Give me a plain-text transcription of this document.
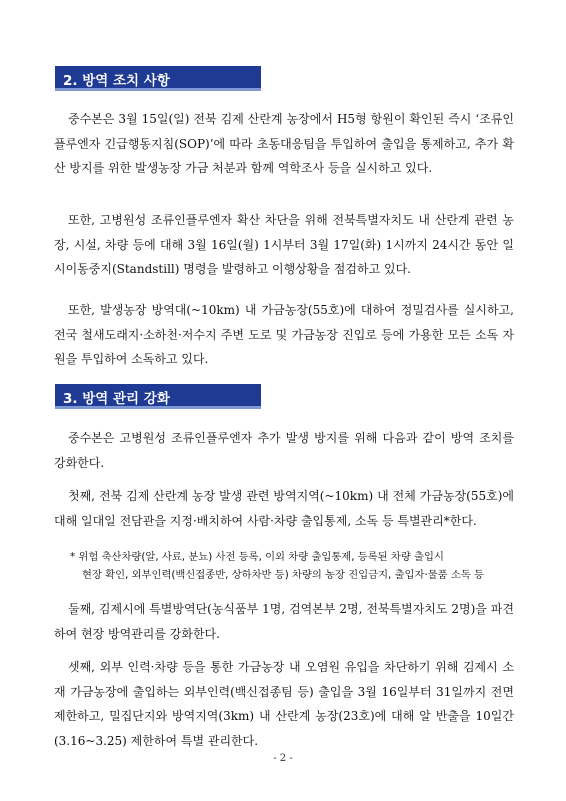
2. 방역 조치 사항

중수본은 3월 15일(일) 전북 김제 산란계 농장에서 H5형 항원이 확인된 즉시 ‘조류인플루엔자 긴급행동지침(SOP)’에 따라 초동대응팀을 투입하여 출입을 통제하고, 추가 확산 방지를 위한 발생농장 가금 처분과 함께 역학조사 등을 실시하고 있다.

또한, 고병원성 조류인플루엔자 확산 차단을 위해 전북특별자치도 내 산란계 관련 농장, 시설, 차량 등에 대해 3월 16일(월) 1시부터 3월 17일(화) 1시까지 24시간 동안 일시이동중지(Standstill) 명령을 발령하고 이행상황을 점검하고 있다.

또한, 발생농장 방역대(~10km) 내 가금농장(55호)에 대하여 정밀검사를 실시하고, 전국 철새도래지·소하천·저수지 주변 도로 및 가금농장 진입로 등에 가용한 모든 소독 자원을 투입하여 소독하고 있다.

3. 방역 관리 강화

중수본은 고병원성 조류인플루엔자 추가 발생 방지를 위해 다음과 같이 방역 조치를 강화한다.

첫째, 전북 김제 산란계 농장 발생 관련 방역지역(~10km) 내 전체 가금농장(55호)에 대해 일대일 전담관을 지정·배치하여 사람·차량 출입통제, 소독 등 특별관리*한다.

* 위험 축산차량(알, 사료, 분뇨) 사전 등록, 이외 차량 출입통제, 등록된 차량 출입시
현장 확인, 외부인력(백신접종반, 상하차반 등) 차량의 농장 진입금지, 출입자·물품 소독 등

둘째, 김제시에 특별방역단(농식품부 1명, 검역본부 2명, 전북특별자치도 2명)을 파견하여 현장 방역관리를 강화한다.

셋째, 외부 인력·차량 등을 통한 가금농장 내 오염원 유입을 차단하기 위해 김제시 소재 가금농장에 출입하는 외부인력(백신접종팀 등) 출입을 3월 16일부터 31일까지 전면 제한하고, 밀집단지와 방역지역(3km) 내 산란계 농장(23호)에 대해 알 반출을 10일간(3.16~3.25) 제한하여 특별 관리한다.

- 2 -
